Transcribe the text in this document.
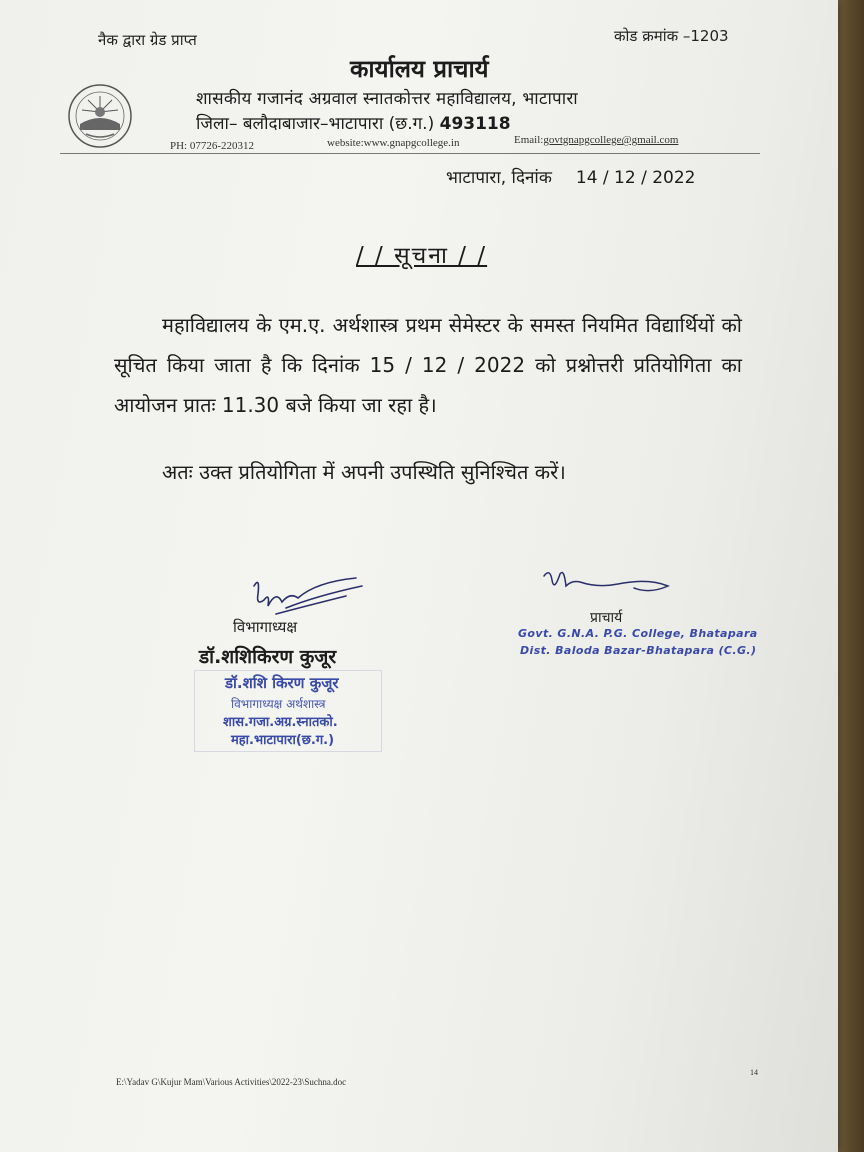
नैक द्वारा ग्रेड प्राप्त	कोड क्रमांक –1203
कार्यालय प्राचार्य
शासकीय गजानंद अग्रवाल स्नातकोत्तर महाविद्यालय, भाटापारा
जिला– बलौदाबाजार–भाटापारा (छ.ग.) 493118
PH: 07726-220312	website:www.gnapgcollege.in	Email:govtgnapgcollege@gmail.com
भाटापारा, दिनांक 14 / 12 / 2022
/ / सूचना / /
महाविद्यालय के एम.ए. अर्थशास्त्र प्रथम सेमेस्टर के समस्त नियमित विद्यार्थियों को सूचित किया जाता है कि दिनांक 15 / 12 / 2022 को प्रश्नोत्तरी प्रतियोगिता का आयोजन प्रातः 11.30 बजे किया जा रहा है।
अतः उक्त प्रतियोगिता में अपनी उपस्थिति सुनिश्चित करें।
विभागाध्यक्ष
डॉ.शशिकिरण कुजूर
डॉ.शशि किरण कुजूर
विभागाध्यक्ष अर्थशास्त्र
शास.गजा.अग्र.स्नातको.
महा.भाटापारा(छ.ग.)
प्राचार्य
Govt. G.N.A. P.G. College, Bhatapara
Dist. Baloda Bazar-Bhatapara (C.G.)
E:\Yadav G\Kujur Mam\Various Activities\2022-23\Suchna.doc
14
